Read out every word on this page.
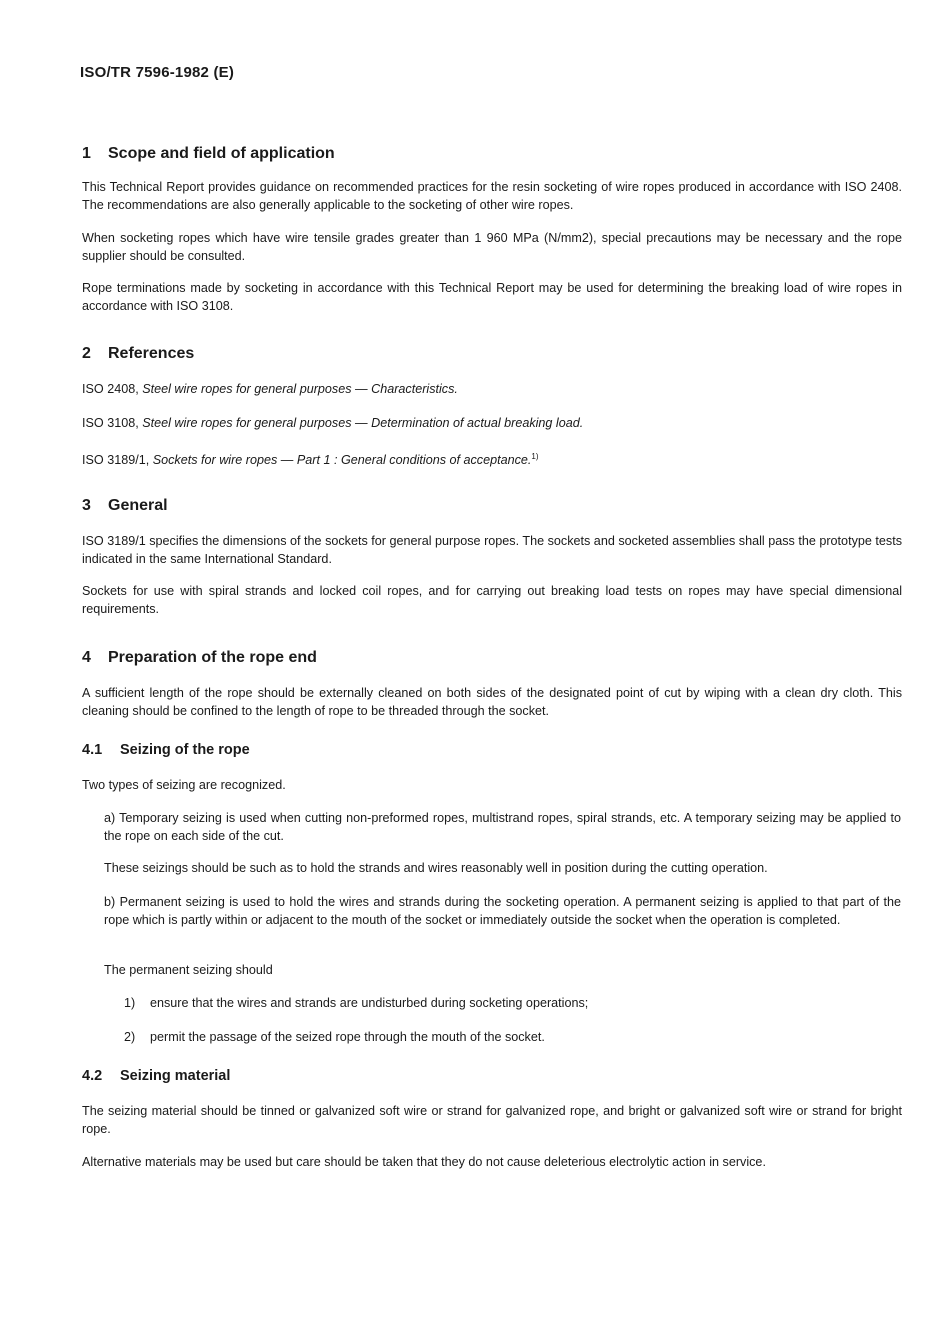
ISO/TR 7596-1982 (E)
1 Scope and field of application
This Technical Report provides guidance on recommended practices for the resin socketing of wire ropes produced in accordance with ISO 2408. The recommendations are also generally applicable to the socketing of other wire ropes.
When socketing ropes which have wire tensile grades greater than 1 960 MPa (N/mm2), special precautions may be necessary and the rope supplier should be consulted.
Rope terminations made by socketing in accordance with this Technical Report may be used for determining the breaking load of wire ropes in accordance with ISO 3108.
2 References
ISO 2408, Steel wire ropes for general purposes — Characteristics.
ISO 3108, Steel wire ropes for general purposes — Determination of actual breaking load.
ISO 3189/1, Sockets for wire ropes — Part 1 : General conditions of acceptance.$^{1)}$
3 General
ISO 3189/1 specifies the dimensions of the sockets for general purpose ropes. The sockets and socketed assemblies shall pass the prototype tests indicated in the same International Standard.
Sockets for use with spiral strands and locked coil ropes, and for carrying out breaking load tests on ropes may have special dimensional requirements.
4 Preparation of the rope end
A sufficient length of the rope should be externally cleaned on both sides of the designated point of cut by wiping with a clean dry cloth. This cleaning should be confined to the length of rope to be threaded through the socket.
4.1 Seizing of the rope
Two types of seizing are recognized.
a) Temporary seizing is used when cutting non-preformed ropes, multistrand ropes, spiral strands, etc. A temporary seizing may be applied to the rope on each side of the cut.
These seizings should be such as to hold the strands and wires reasonably well in position during the cutting operation.
b) Permanent seizing is used to hold the wires and strands during the socketing operation. A permanent seizing is applied to that part of the rope which is partly within or adjacent to the mouth of the socket or immediately outside the socket when the operation is completed.
The permanent seizing should
1) ensure that the wires and strands are undisturbed during socketing operations;
2) permit the passage of the seized rope through the mouth of the socket.
4.2 Seizing material
The seizing material should be tinned or galvanized soft wire or strand for galvanized rope, and bright or galvanized soft wire or strand for bright rope.
Alternative materials may be used but care should be taken that they do not cause deleterious electrolytic action in service.
